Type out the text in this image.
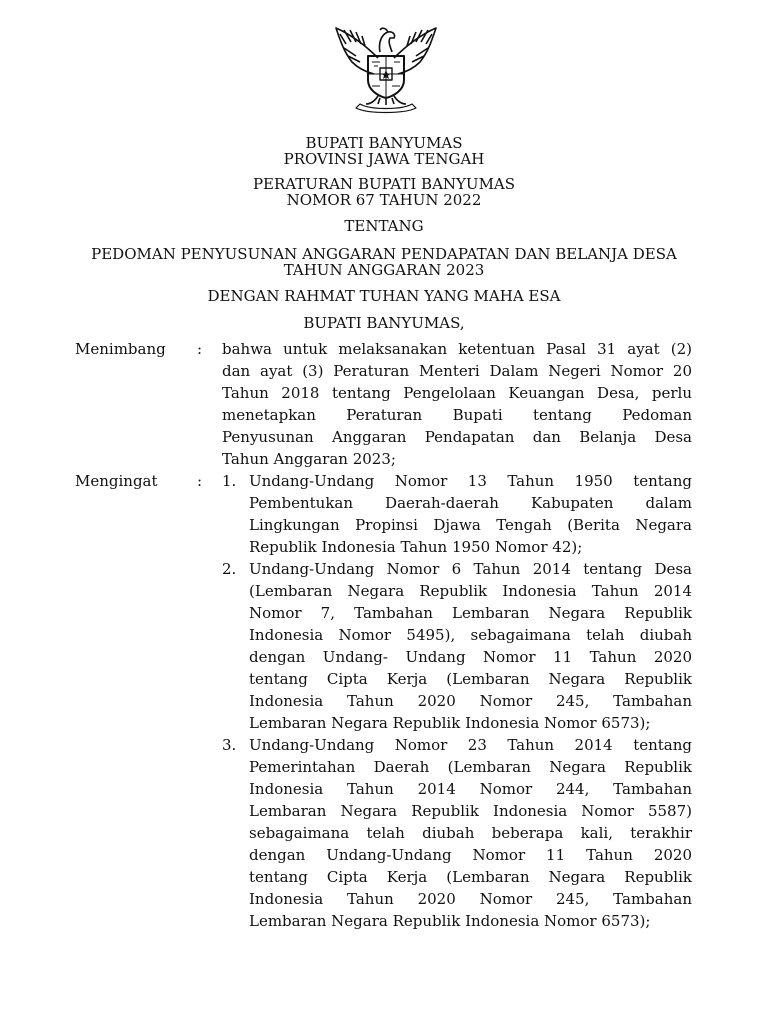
BUPATI BANYUMAS
PROVINSI JAWA TENGAH
PERATURAN BUPATI BANYUMAS
NOMOR 67 TAHUN 2022
TENTANG
PEDOMAN PENYUSUNAN ANGGARAN PENDAPATAN DAN BELANJA DESA
TAHUN ANGGARAN 2023
DENGAN RAHMAT TUHAN YANG MAHA ESA
BUPATI BANYUMAS,
Menimbang : bahwa untuk melaksanakan ketentuan Pasal 31 ayat (2)
dan ayat (3) Peraturan Menteri Dalam Negeri Nomor 20
Tahun 2018 tentang Pengelolaan Keuangan Desa, perlu
menetapkan Peraturan Bupati tentang Pedoman
Penyusunan Anggaran Pendapatan dan Belanja Desa
Tahun Anggaran 2023;
Mengingat	: 1. Undang-Undang Nomor 13 Tahun 1950 tentang
Pembentukan Daerah-daerah Kabupaten dalam
Lingkungan Propinsi Djawa Tengah (Berita Negara
Republik Indonesia Tahun 1950 Nomor 42);
2. Undang-Undang Nomor 6 Tahun 2014 tentang Desa
(Lembaran Negara Republik Indonesia Tahun 2014
Nomor 7, Tambahan Lembaran Negara Republik
Indonesia Nomor 5495), sebagaimana telah diubah
dengan Undang- Undang Nomor 11 Tahun 2020
tentang Cipta Kerja (Lembaran Negara Republik
Indonesia Tahun 2020 Nomor 245, Tambahan
Lembaran Negara Republik Indonesia Nomor 6573);
3. Undang-Undang Nomor 23 Tahun 2014 tentang
Pemerintahan Daerah (Lembaran Negara Republik
Indonesia Tahun 2014 Nomor 244, Tambahan
Lembaran Negara Republik Indonesia Nomor 5587)
sebagaimana telah diubah beberapa kali, terakhir
dengan Undang-Undang Nomor 11 Tahun 2020
tentang Cipta Kerja (Lembaran Negara Republik
Indonesia Tahun 2020 Nomor 245, Tambahan
Lembaran Negara Republik Indonesia Nomor 6573);
